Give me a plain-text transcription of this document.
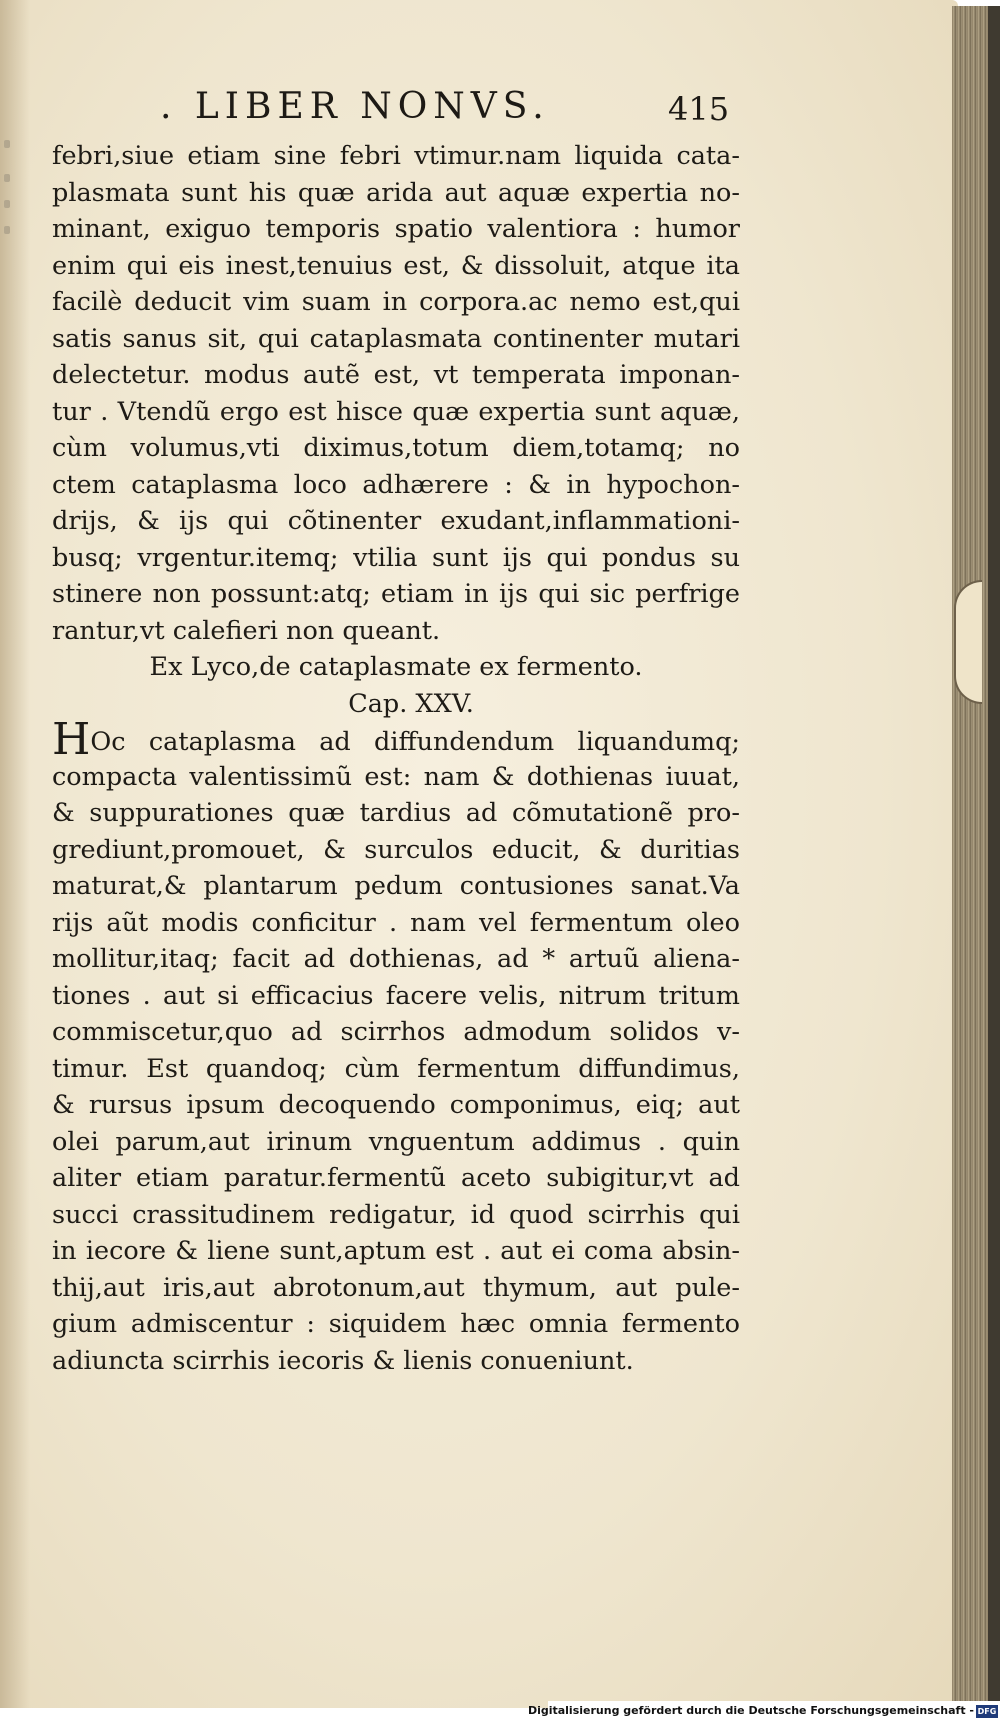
. LIBER NONVS.	415
febri,siue etiam sine febri vtimur.nam liquida cata-
plasmata sunt his quæ arida aut aquæ expertia no-
minant, exiguo temporis spatio valentiora : humor
enim qui eis inest,tenuius est, & dissoluit, atque ita
facilè deducit vim suam in corpora.ac nemo est,qui
satis sanus sit, qui cataplasmata continenter mutari
delectetur. modus autẽ est, vt temperata imponan-
tur . Vtendũ ergo est hisce quæ expertia sunt aquæ,
cùm volumus,vti diximus,totum diem,totamq; no
ctem cataplasma loco adhærere : & in hypochon-
drijs, & ijs qui cõtinenter exudant,inflammationi-
busq; vrgentur.itemq; vtilia sunt ijs qui pondus su
stinere non possunt:atq; etiam in ijs qui sic perfrige
rantur,vt calefieri non queant.
Ex Lyco,de cataplasmate ex fermento.
Cap. XXV.
HOc cataplasma ad diffundendum liquandumq;
compacta valentissimũ est: nam & dothienas iuuat,
& suppurationes quæ tardius ad cõmutationẽ pro-
grediunt,promouet, & surculos educit, & duritias
maturat,& plantarum pedum contusiones sanat.Va
rijs aũt modis conficitur . nam vel fermentum oleo
mollitur,itaq; facit ad dothienas, ad * artuũ aliena-
tiones . aut si efficacius facere velis, nitrum tritum
commiscetur,quo ad scirrhos admodum solidos v-
timur. Est quandoq; cùm fermentum diffundimus,
& rursus ipsum decoquendo componimus, eiq; aut
olei parum,aut irinum vnguentum addimus . quin
aliter etiam paratur.fermentũ aceto subigitur,vt ad
succi crassitudinem redigatur, id quod scirrhis qui
in iecore & liene sunt,aptum est . aut ei coma absin-
thij,aut iris,aut abrotonum,aut thymum, aut pule-
gium admiscentur : siquidem hæc omnia fermento
adiuncta scirrhis iecoris & lienis conueniunt.
Digitalisierung gefördert durch die Deutsche Forschungsgemeinschaft - DFG
